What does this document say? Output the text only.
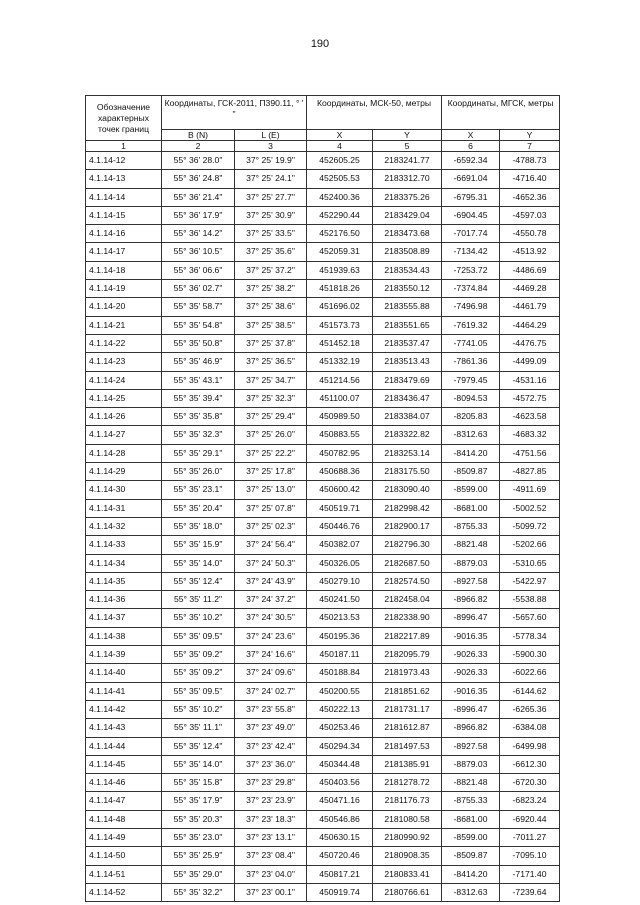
190
Обозначение характерных точек границ	Координаты, ГСК-2011, П390.11, ° ' "		Координаты, МСК-50, метры		Координаты, МГСК, метры	
	B (N)	L (E)	X	Y	X	Y
1	2	3	4	5	6	7
4.1.14-12	55° 36' 28.0"	37° 25' 19.9"	452605.25	2183241.77	-6592.34	-4788.73
4.1.14-13	55° 36' 24.8"	37° 25' 24.1"	452505.53	2183312.70	-6691.04	-4716.40
4.1.14-14	55° 36' 21.4"	37° 25' 27.7"	452400.36	2183375.26	-6795.31	-4652.36
4.1.14-15	55° 36' 17.9"	37° 25' 30.9"	452290.44	2183429.04	-6904.45	-4597.03
4.1.14-16	55° 36' 14.2"	37° 25' 33.5"	452176.50	2183473.68	-7017.74	-4550.78
4.1.14-17	55° 36' 10.5"	37° 25' 35.6"	452059.31	2183508.89	-7134.42	-4513.92
4.1.14-18	55° 36' 06.6"	37° 25' 37.2"	451939.63	2183534.43	-7253.72	-4486.69
4.1.14-19	55° 36' 02.7"	37° 25' 38.2"	451818.26	2183550.12	-7374.84	-4469.28
4.1.14-20	55° 35' 58.7"	37° 25' 38.6"	451696.02	2183555.88	-7496.98	-4461.79
4.1.14-21	55° 35' 54.8"	37° 25' 38.5"	451573.73	2183551.65	-7619.32	-4464.29
4.1.14-22	55° 35' 50.8"	37° 25' 37.8"	451452.18	2183537.47	-7741.05	-4476.75
4.1.14-23	55° 35' 46.9"	37° 25' 36.5"	451332.19	2183513.43	-7861.36	-4499.09
4.1.14-24	55° 35' 43.1"	37° 25' 34.7"	451214.56	2183479.69	-7979.45	-4531.16
4.1.14-25	55° 35' 39.4"	37° 25' 32.3"	451100.07	2183436.47	-8094.53	-4572.75
4.1.14-26	55° 35' 35.8"	37° 25' 29.4"	450989.50	2183384.07	-8205.83	-4623.58
4.1.14-27	55° 35' 32.3"	37° 25' 26.0"	450883.55	2183322.82	-8312.63	-4683.32
4.1.14-28	55° 35' 29.1"	37° 25' 22.2"	450782.95	2183253.14	-8414.20	-4751.56
4.1.14-29	55° 35' 26.0"	37° 25' 17.8"	450688.36	2183175.50	-8509.87	-4827.85
4.1.14-30	55° 35' 23.1"	37° 25' 13.0"	450600.42	2183090.40	-8599.00	-4911.69
4.1.14-31	55° 35' 20.4"	37° 25' 07.8"	450519.71	2182998.42	-8681.00	-5002.52
4.1.14-32	55° 35' 18.0"	37° 25' 02.3"	450446.76	2182900.17	-8755.33	-5099.72
4.1.14-33	55° 35' 15.9"	37° 24' 56.4"	450382.07	2182796.30	-8821.48	-5202.66
4.1.14-34	55° 35' 14.0"	37° 24' 50.3"	450326.05	2182687.50	-8879.03	-5310.65
4.1.14-35	55° 35' 12.4"	37° 24' 43.9"	450279.10	2182574.50	-8927.58	-5422.97
4.1.14-36	55° 35' 11.2"	37° 24' 37.2"	450241.50	2182458.04	-8966.82	-5538.88
4.1.14-37	55° 35' 10.2"	37° 24' 30.5"	450213.53	2182338.90	-8996.47	-5657.60
4.1.14-38	55° 35' 09.5"	37° 24' 23.6"	450195.36	2182217.89	-9016.35	-5778.34
4.1.14-39	55° 35' 09.2"	37° 24' 16.6"	450187.11	2182095.79	-9026.33	-5900.30
4.1.14-40	55° 35' 09.2"	37° 24' 09.6"	450188.84	2181973.43	-9026.33	-6022.66
4.1.14-41	55° 35' 09.5"	37° 24' 02.7"	450200.55	2181851.62	-9016.35	-6144.62
4.1.14-42	55° 35' 10.2"	37° 23' 55.8"	450222.13	2181731.17	-8996.47	-6265.36
4.1.14-43	55° 35' 11.1"	37° 23' 49.0"	450253.46	2181612.87	-8966.82	-6384.08
4.1.14-44	55° 35' 12.4"	37° 23' 42.4"	450294.34	2181497.53	-8927.58	-6499.98
4.1.14-45	55° 35' 14.0"	37° 23' 36.0"	450344.48	2181385.91	-8879.03	-6612.30
4.1.14-46	55° 35' 15.8"	37° 23' 29.8"	450403.56	2181278.72	-8821.48	-6720.30
4.1.14-47	55° 35' 17.9"	37° 23' 23.9"	450471.16	2181176.73	-8755.33	-6823.24
4.1.14-48	55° 35' 20.3"	37° 23' 18.3"	450546.86	2181080.58	-8681.00	-6920.44
4.1.14-49	55° 35' 23.0"	37° 23' 13.1"	450630.15	2180990.92	-8599.00	-7011.27
4.1.14-50	55° 35' 25.9"	37° 23' 08.4"	450720.46	2180908.35	-8509.87	-7095.10
4.1.14-51	55° 35' 29.0"	37° 23' 04.0"	450817.21	2180833.41	-8414.20	-7171.40
4.1.14-52	55° 35' 32.2"	37° 23' 00.1"	450919.74	2180766.61	-8312.63	-7239.64
